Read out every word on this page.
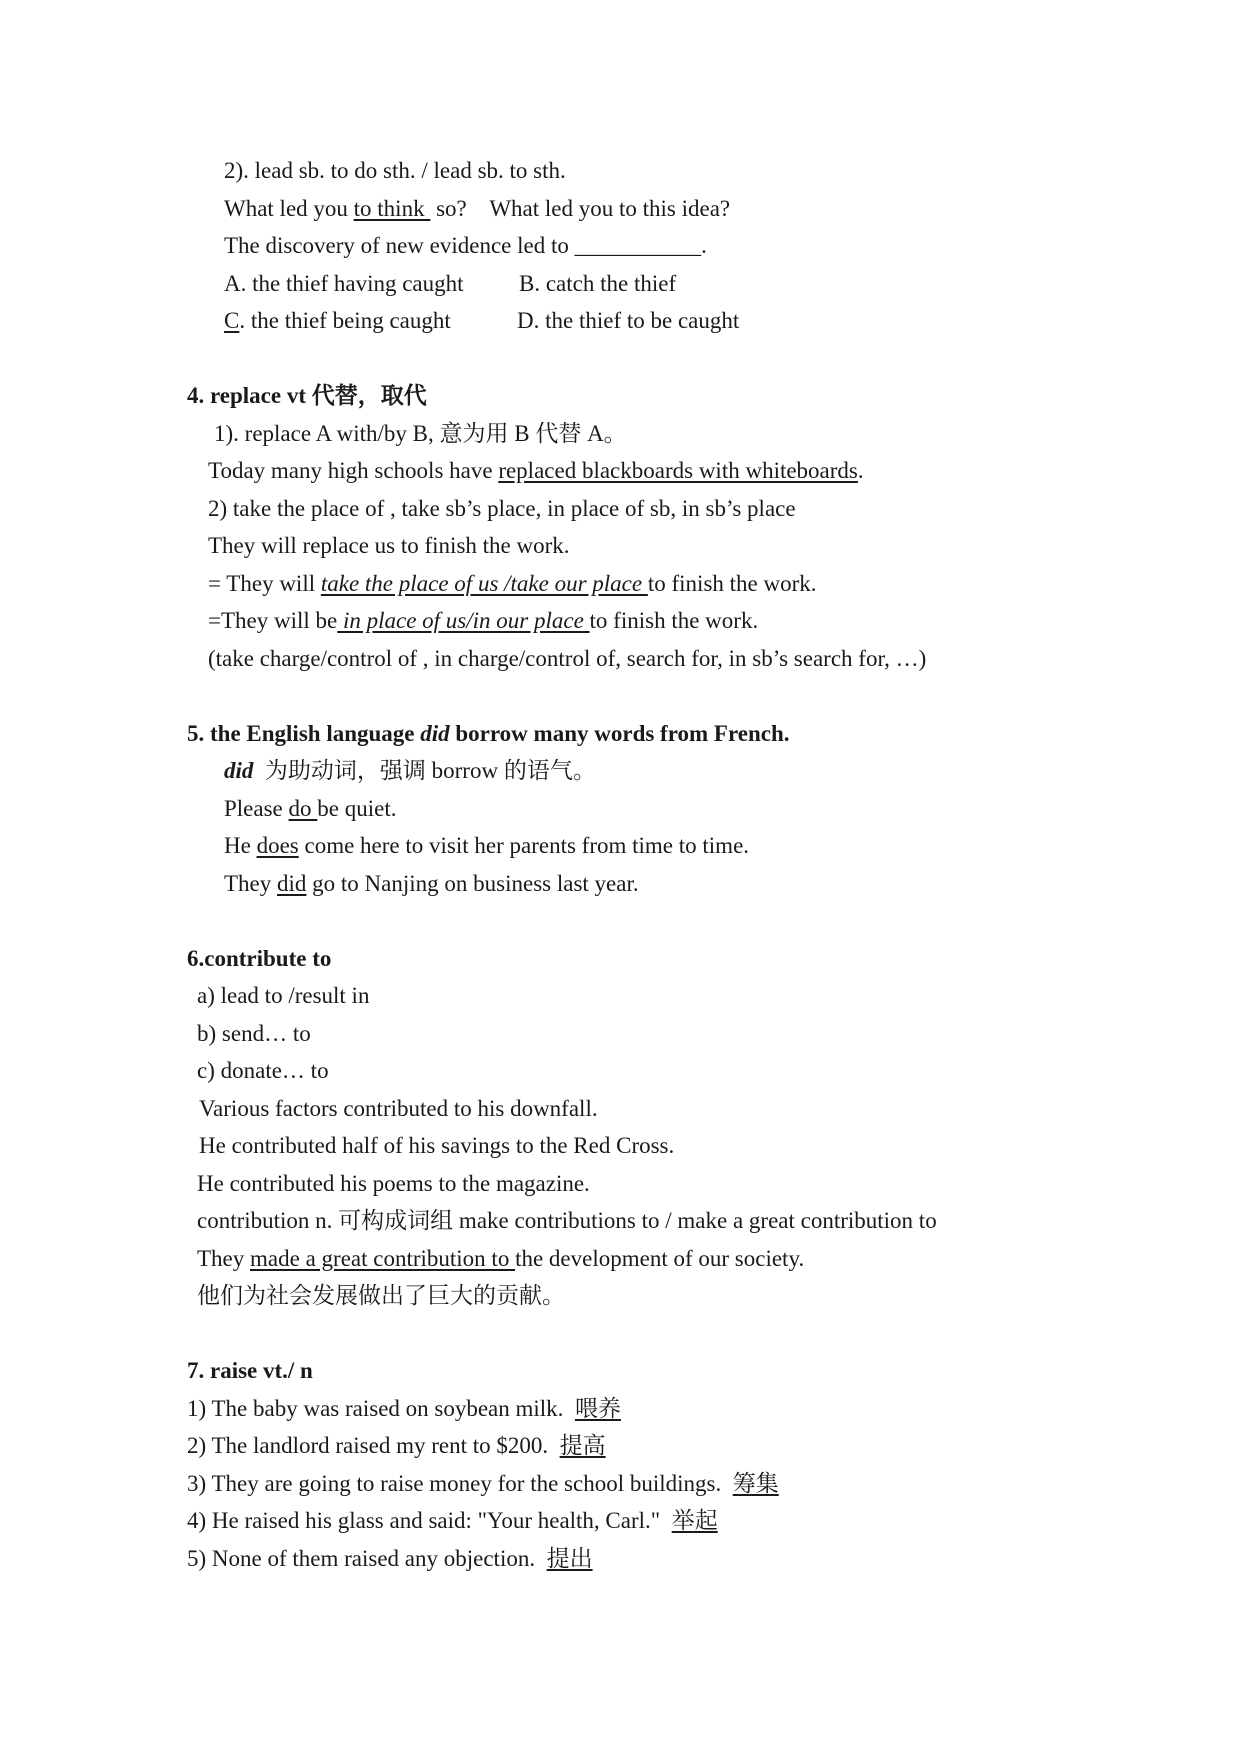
2). lead sb. to do sth. / lead sb. to sth.
What led you to think  so?    What led you to this idea?
The discovery of new evidence led to ___________.
A. the thief having caught B. catch the thief
C. the thief being caught	D. the thief to be caught
4. replace vt 代替，取代
1). replace A with/by B, 意为用 B 代替 A。
Today many high schools have replaced blackboards with whiteboards.
2) take the place of , take sb’s place, in place of sb, in sb’s place
They will replace us to finish the work.
= They will take the place of us /take our place to finish the work.
=They will be in place of us/in our place to finish the work.
(take charge/control of , in charge/control of, search for, in sb’s search for, …)
5. the English language did borrow many words from French.
did  为助动词，强调 borrow 的语气。
Please do be quiet.
He does come here to visit her parents from time to time.
They did go to Nanjing on business last year.
6.contribute to
a) lead to /result in
b) send… to
c) donate… to
Various factors contributed to his downfall.
He contributed half of his savings to the Red Cross.
He contributed his poems to the magazine.
contribution n. 可构成词组 make contributions to / make a great contribution to
They made a great contribution to the development of our society.
他们为社会发展做出了巨大的贡献。
7. raise vt./ n
1) The baby was raised on soybean milk.  喂养
2) The landlord raised my rent to $200.  提高
3) They are going to raise money for the school buildings.  筹集
4) He raised his glass and said: "Your health, Carl."  举起
5) None of them raised any objection.  提出
